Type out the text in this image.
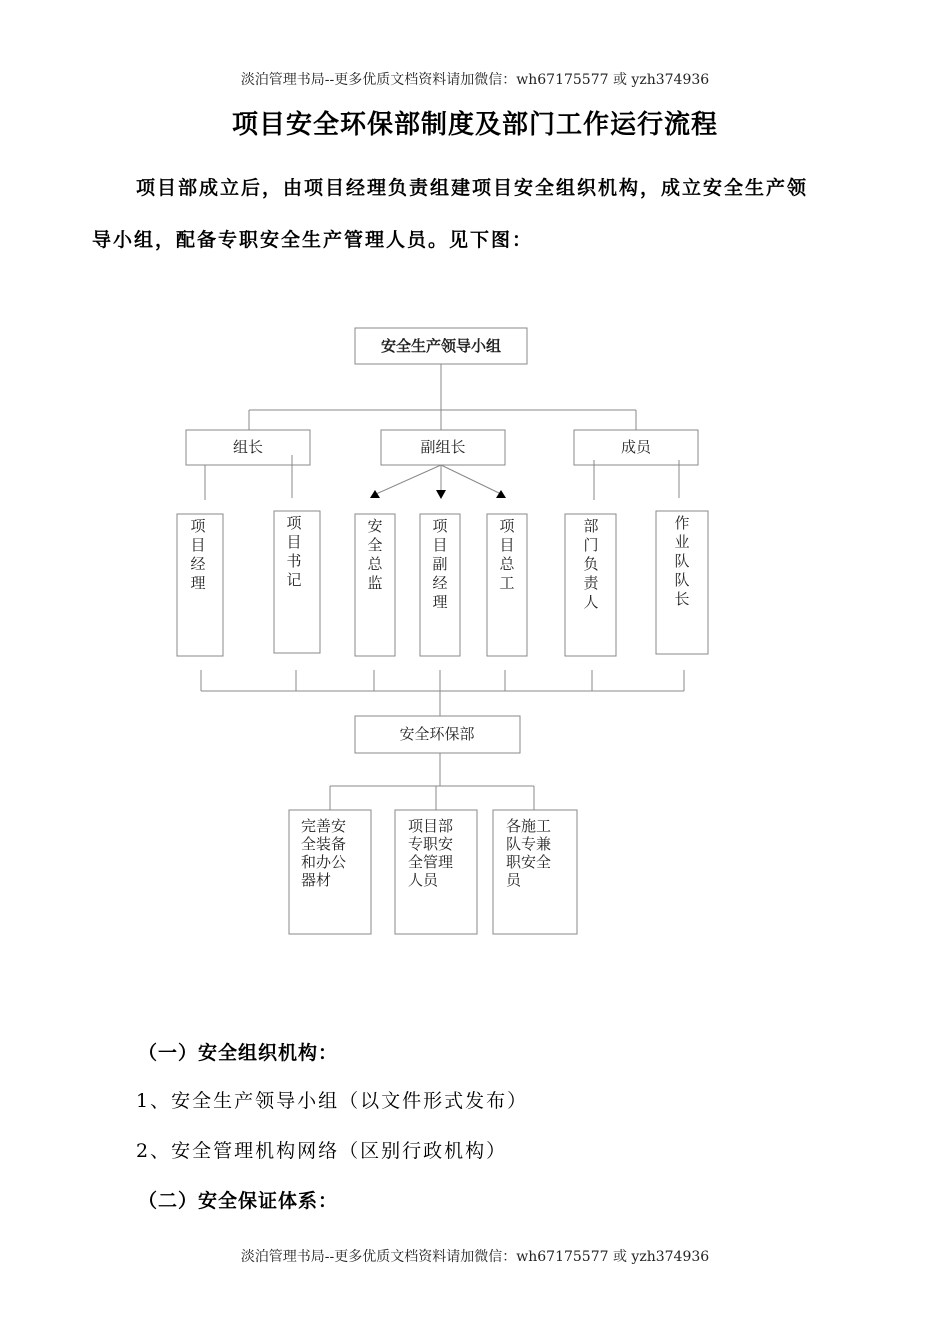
淡泊管理书局--更多优质文档资料请加微信：wh67175577 或 yzh374936
项目安全环保部制度及部门工作运行流程
项目部成立后，由项目经理负责组建项目安全组织机构，成立安全生产领
导小组，配备专职安全生产管理人员。见下图：
安全生产领导小组
组长	副组长	成员
项目经理
项目书记
安全总监
项目副经理
项目总工
部门负责人
作业队队长
安全环保部
完善安全装备和办公器材
项目部专职安全管理人员
各施工队专兼职安全员
（一）安全组织机构：
1、安全生产领导小组（以文件形式发布）
2、安全管理机构网络（区别行政机构）
（二）安全保证体系：
淡泊管理书局--更多优质文档资料请加微信：wh67175577 或 yzh374936
